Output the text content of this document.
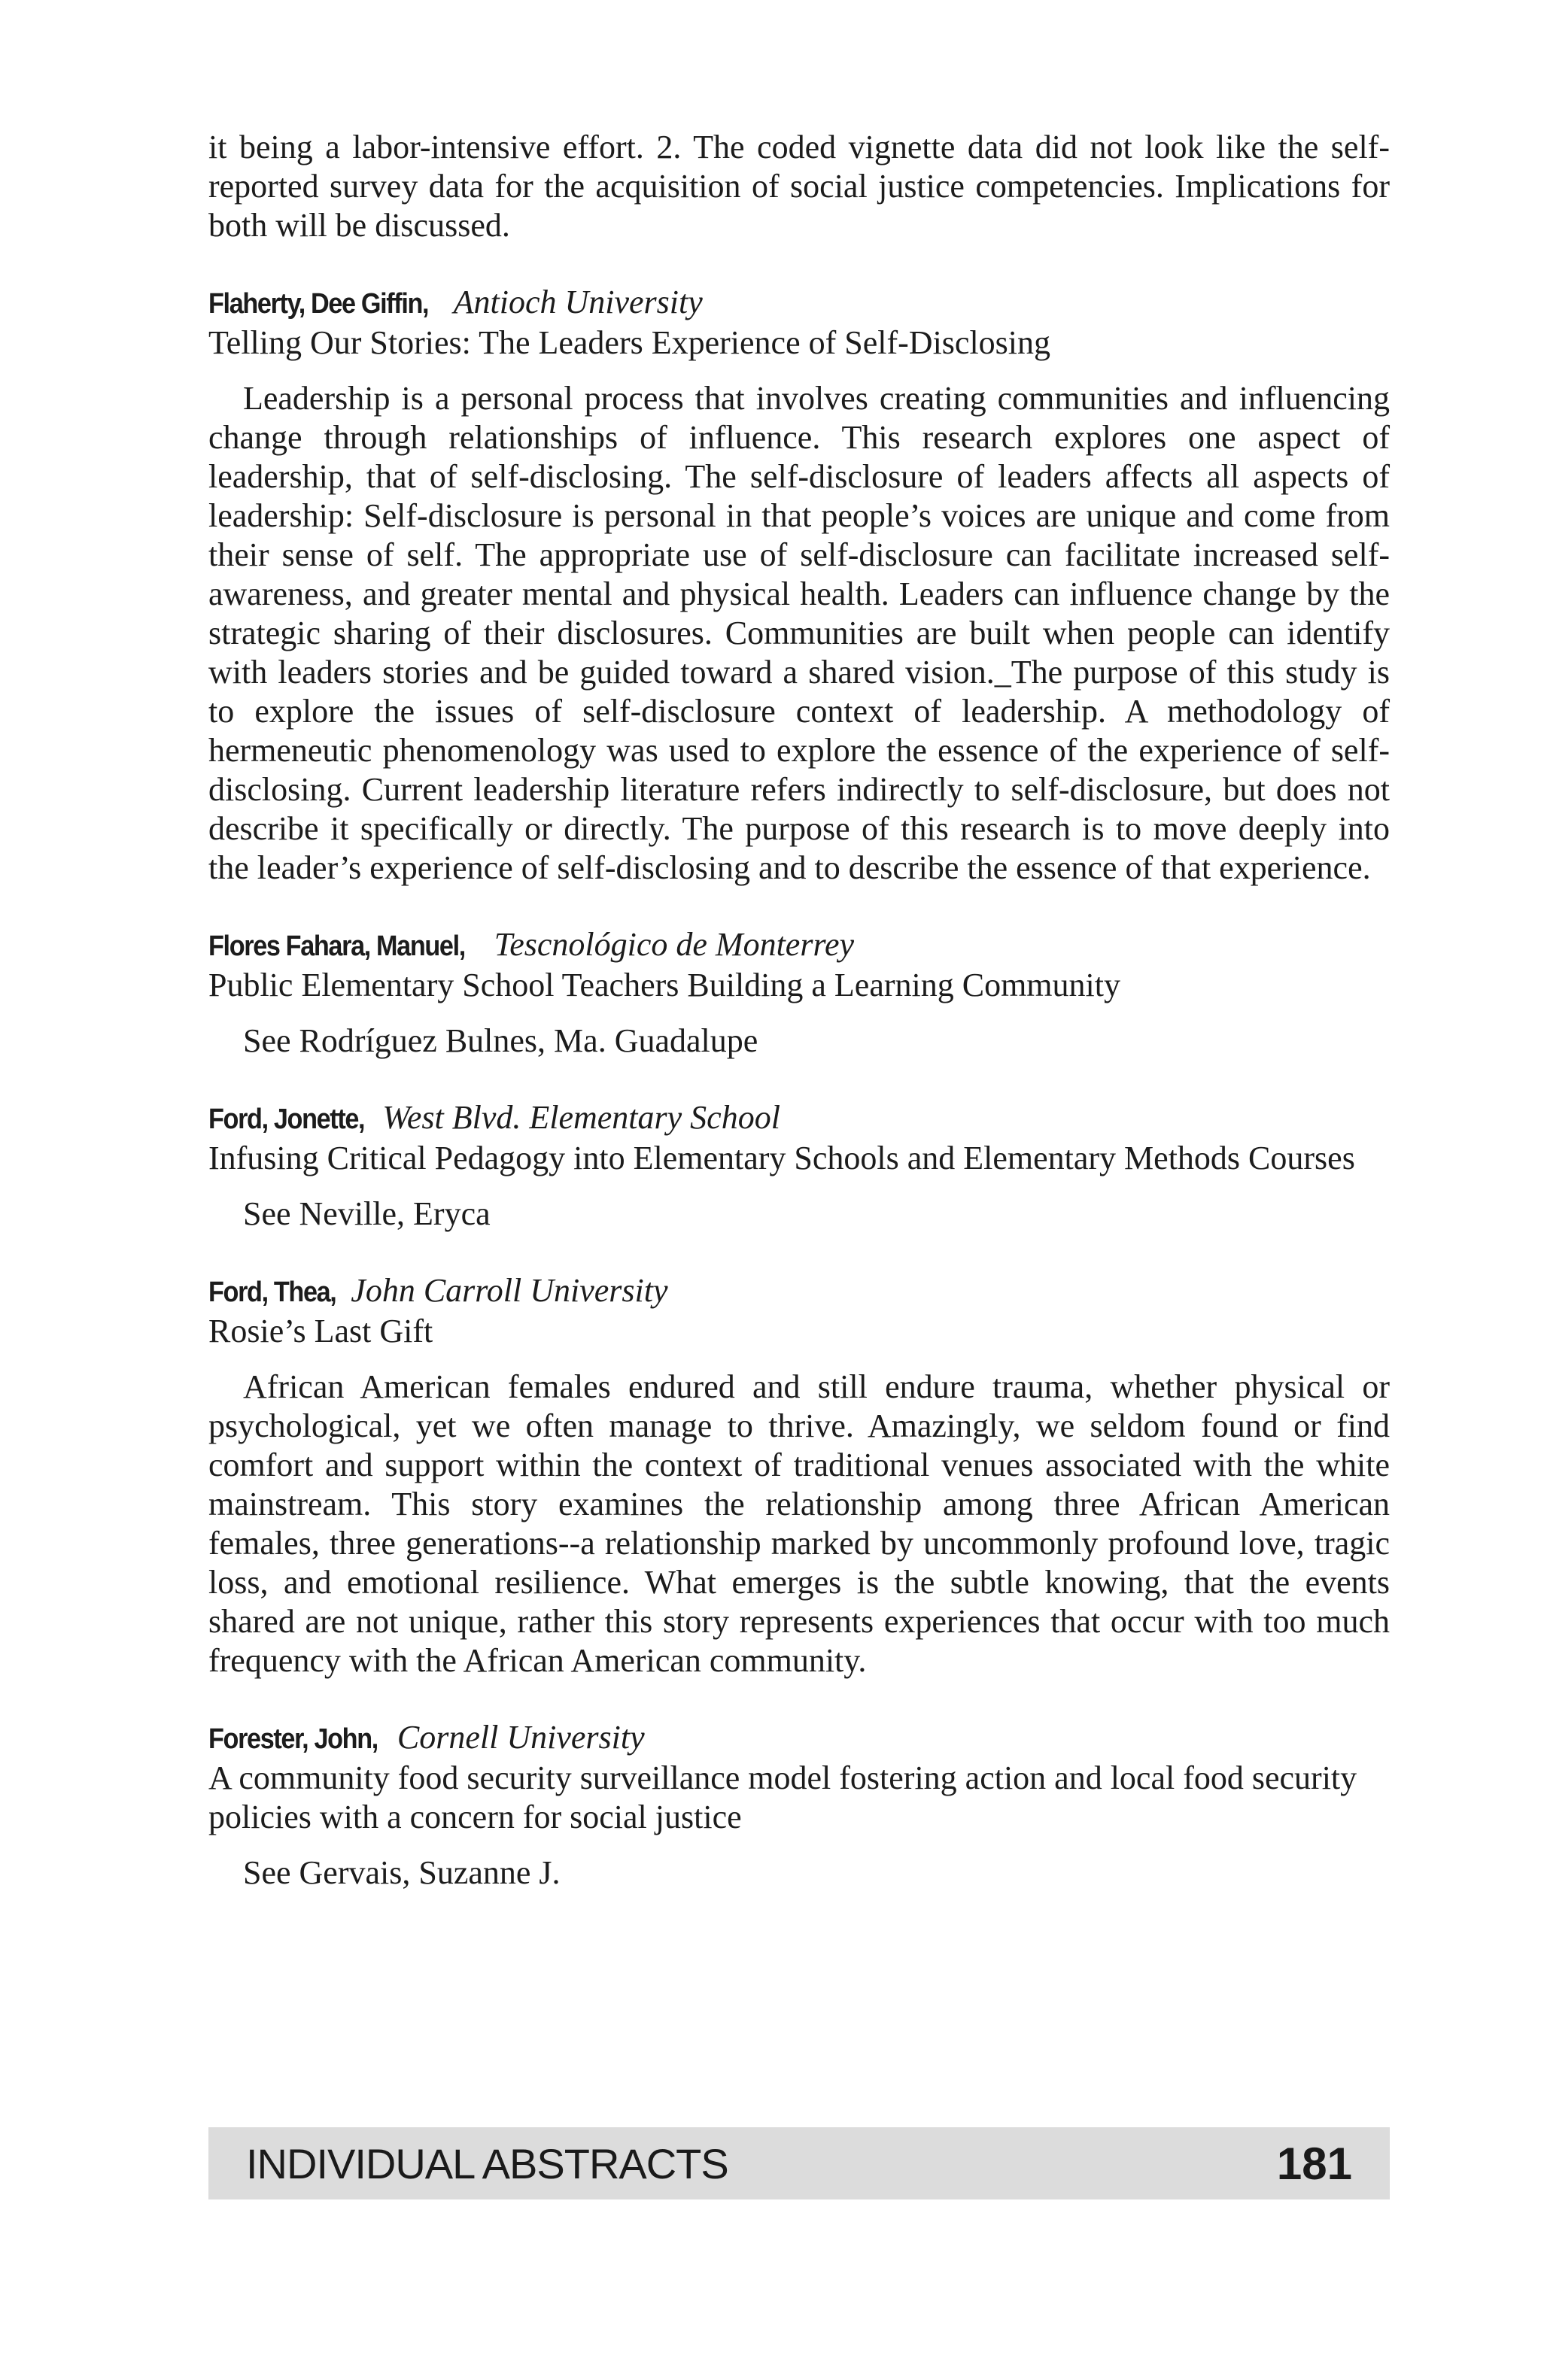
it being a labor-intensive effort. 2. The coded vignette data did not look like the self-reported survey data for the acquisition of social justice competencies. Implications for both will be discussed.

Flaherty, Dee Giffin, Antioch University

Telling Our Stories: The Leaders Experience of Self-Disclosing

Leadership is a personal process that involves creating communities and influencing change through relationships of influence. This research explores one aspect of leadership, that of self-disclosing. The self-disclosure of leaders affects all aspects of leadership: Self-disclosure is personal in that people’s voices are unique and come from their sense of self. The appropriate use of self-disclosure can facilitate increased self-awareness, and greater mental and physical health. Leaders can influence change by the strategic sharing of their disclosures. Communities are built when people can identify with leaders stories and be guided toward a shared vision._The purpose of this study is to explore the issues of self-disclosure context of leadership. A methodology of hermeneutic phenomenology was used to explore the essence of the experience of self-disclosing. Current leadership literature refers indirectly to self-disclosure, but does not describe it specifically or directly. The purpose of this research is to move deeply into the leader’s experience of self-disclosing and to describe the essence of that experience.

Flores Fahara, Manuel, Tescnológico de Monterrey

Public Elementary School Teachers Building a Learning Community

See Rodríguez Bulnes, Ma. Guadalupe

Ford, Jonette, West Blvd. Elementary School

Infusing Critical Pedagogy into Elementary Schools and Elementary Methods Courses

See Neville, Eryca

Ford, Thea, John Carroll University

Rosie’s Last Gift

African American females endured and still endure trauma, whether physical or psychological, yet we often manage to thrive. Amazingly, we seldom found or find comfort and support within the context of traditional venues associated with the white mainstream. This story examines the relationship among three African American females, three generations--a relationship marked by uncommonly profound love, tragic loss, and emotional resilience. What emerges is the subtle knowing, that the events shared are not unique, rather this story represents experiences that occur with too much frequency with the African American community.

Forester, John, Cornell University

A community food security surveillance model fostering action and local food security policies with a concern for social justice

See Gervais, Suzanne J.

INDIVIDUAL ABSTRACTS	181
